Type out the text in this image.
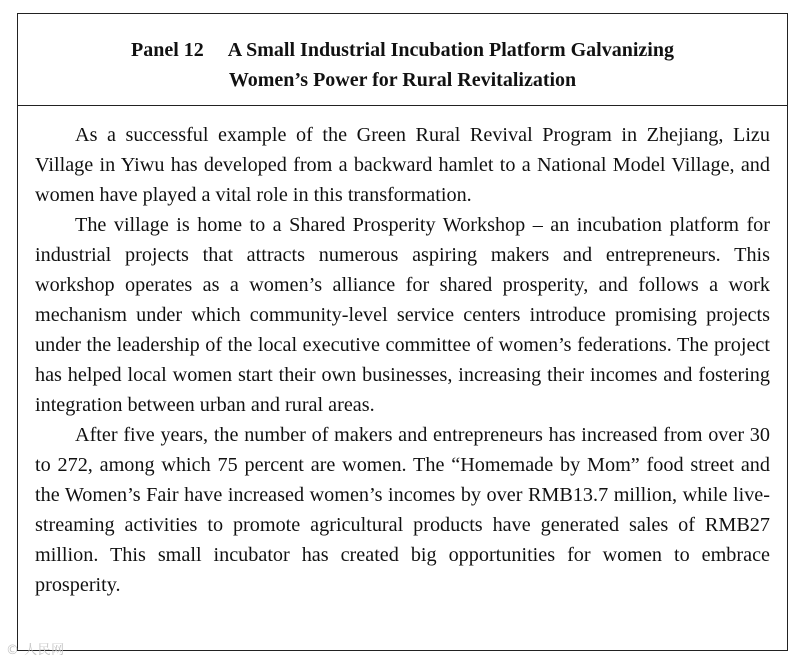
Panel 12 A Small Industrial Incubation Platform Galvanizing
Women’s Power for Rural Revitalization

As a successful example of the Green Rural Revival Program in Zhejiang, Lizu Village in Yiwu has developed from a backward hamlet to a National Model Village, and women have played a vital role in this transformation.

The village is home to a Shared Prosperity Workshop – an incubation platform for industrial projects that attracts numerous aspiring makers and entrepreneurs. This workshop operates as a women’s alliance for shared prosperity, and follows a work mechanism under which community-level service centers introduce promising projects under the leadership of the local executive committee of women’s federations. The project has helped local women start their own businesses, increasing their incomes and fostering integration between urban and rural areas.

After five years, the number of makers and entrepreneurs has increased from over 30 to 272, among which 75 percent are women. The “Homemade by Mom” food street and the Women’s Fair have increased women’s incomes by over RMB13.7 million, while live-streaming activities to promote agricultural products have generated sales of RMB27 million. This small incubator has created big opportunities for women to embrace prosperity.

© 人民网
